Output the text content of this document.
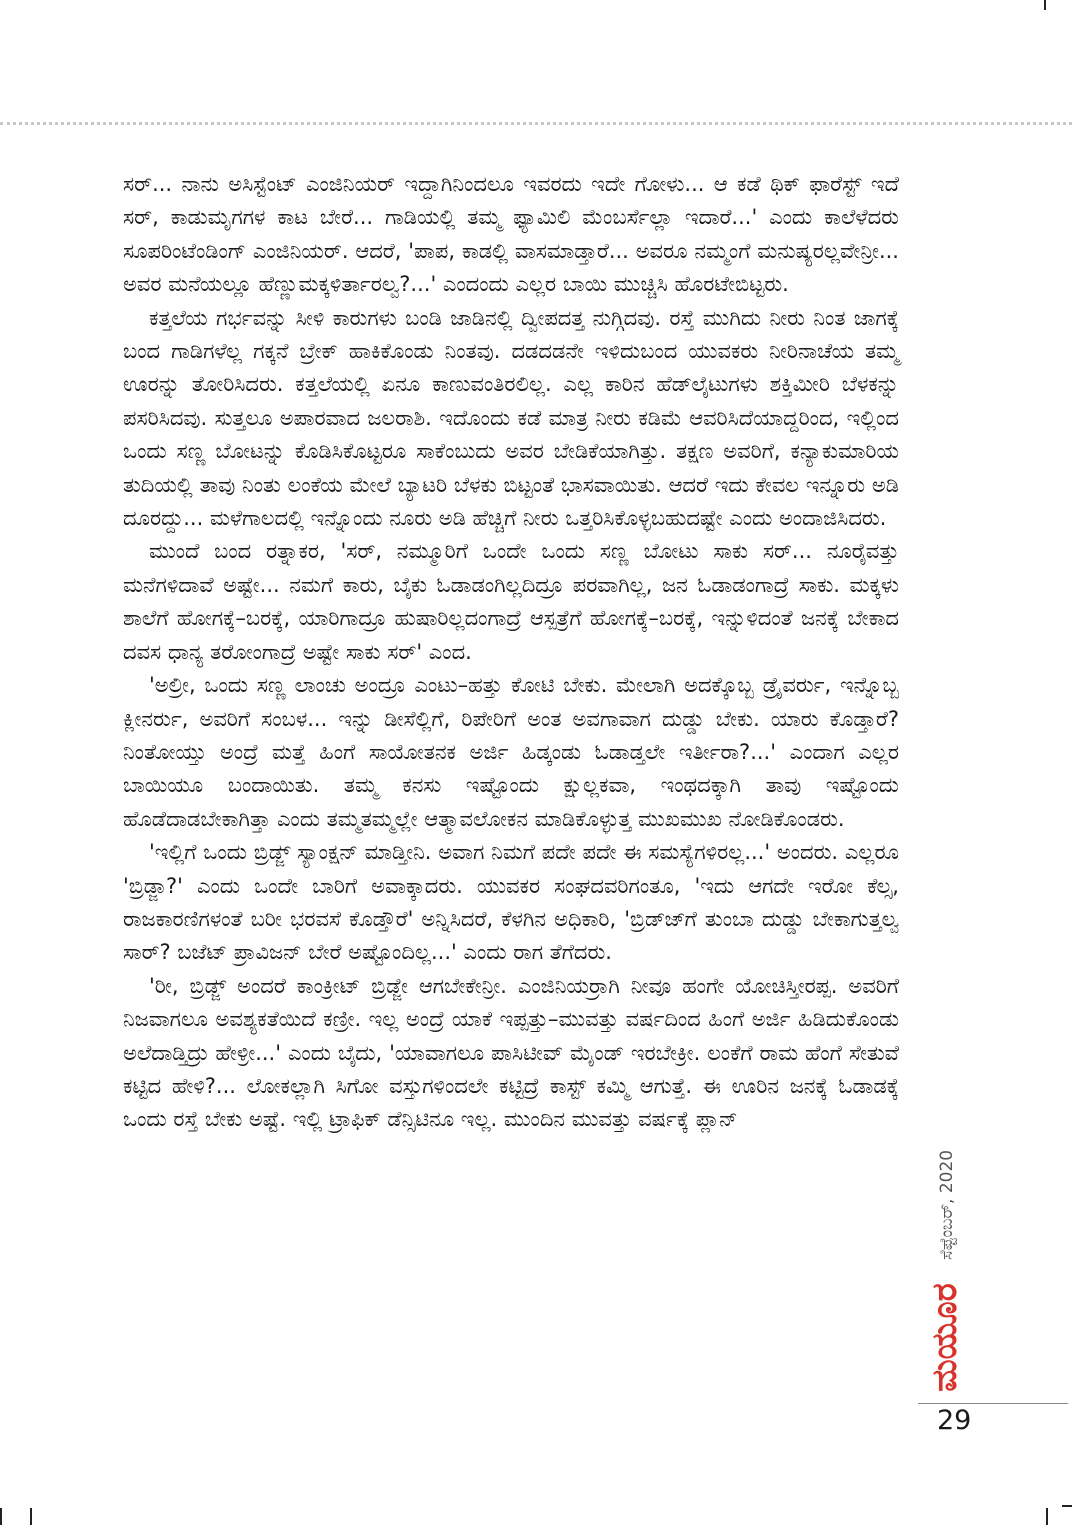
ಸರ್... ನಾನು ಅಸಿಸ್ಟೆಂಟ್ ಎಂಜಿನಿಯರ್ ಇದ್ದಾಗಿನಿಂದಲೂ ಇವರದು ಇದೇ ಗೋಳು... ಆ ಕಡೆ ಥಿಕ್ ಫಾರೆಸ್ಟ್ ಇದೆ ಸರ್, ಕಾಡುಮೃಗಗಳ ಕಾಟ ಬೇರೆ... ಗಾಡಿಯಲ್ಲಿ ತಮ್ಮ ಫ್ಯಾಮಿಲಿ ಮೆಂಬರ್ಸೆಲ್ಲಾ ಇದಾರೆ...' ಎಂದು ಕಾಲೆಳೆದರು ಸೂಪರಿಂಟೆಂಡಿಂಗ್ ಎಂಜಿನಿಯರ್. ಆದರೆ, 'ಪಾಪ, ಕಾಡಲ್ಲಿ ವಾಸಮಾಡ್ತಾರೆ... ಅವರೂ ನಮ್ಮಂಗೆ ಮನುಷ್ಯರಲ್ಲವೇನ್ರೀ... ಅವರ ಮನೆಯಲ್ಲೂ ಹೆಣ್ಣುಮಕ್ಕಳಿರ್ತಾರಲ್ವ?...' ಎಂದಂದು ಎಲ್ಲರ ಬಾಯಿ ಮುಚ್ಚಿಸಿ ಹೊರಟೇಬಿಟ್ಟರು.

ಕತ್ತಲೆಯ ಗರ್ಭವನ್ನು ಸೀಳಿ ಕಾರುಗಳು ಬಂಡಿ ಜಾಡಿನಲ್ಲಿ ದ್ವೀಪದತ್ತ ನುಗ್ಗಿದವು. ರಸ್ತೆ ಮುಗಿದು ನೀರು ನಿಂತ ಜಾಗಕ್ಕೆ ಬಂದ ಗಾಡಿಗಳೆಲ್ಲ ಗಕ್ಕನೆ ಬ್ರೇಕ್ ಹಾಕಿಕೊಂಡು ನಿಂತವು. ದಡದಡನೇ ಇಳಿದುಬಂದ ಯುವಕರು ನೀರಿನಾಚೆಯ ತಮ್ಮ ಊರನ್ನು ತೋರಿಸಿದರು. ಕತ್ತಲೆಯಲ್ಲಿ ಏನೂ ಕಾಣುವಂತಿರಲಿಲ್ಲ. ಎಲ್ಲ ಕಾರಿನ ಹೆಡ್‍ಲೈಟುಗಳು ಶಕ್ತಿಮೀರಿ ಬೆಳಕನ್ನು ಪಸರಿಸಿದವು. ಸುತ್ತಲೂ ಅಪಾರವಾದ ಜಲರಾಶಿ. ಇದೊಂದು ಕಡೆ ಮಾತ್ರ ನೀರು ಕಡಿಮೆ ಆವರಿಸಿದೆಯಾದ್ದರಿಂದ, ಇಲ್ಲಿಂದ ಒಂದು ಸಣ್ಣ ಬೋಟನ್ನು ಕೊಡಿಸಿಕೊಟ್ಟರೂ ಸಾಕೆಂಬುದು ಅವರ ಬೇಡಿಕೆಯಾಗಿತ್ತು. ತಕ್ಷಣ ಅವರಿಗೆ, ಕನ್ಯಾಕುಮಾರಿಯ ತುದಿಯಲ್ಲಿ ತಾವು ನಿಂತು ಲಂಕೆಯ ಮೇಲೆ ಬ್ಯಾಟರಿ ಬೆಳಕು ಬಿಟ್ಟಂತೆ ಭಾಸವಾಯಿತು. ಆದರೆ ಇದು ಕೇವಲ ಇನ್ನೂರು ಅಡಿ ದೂರದ್ದು... ಮಳೆಗಾಲದಲ್ಲಿ ಇನ್ನೊಂದು ನೂರು ಅಡಿ ಹೆಚ್ಚಿಗೆ ನೀರು ಒತ್ತರಿಸಿಕೊಳ್ಳಬಹುದಷ್ಟೇ ಎಂದು ಅಂದಾಜಿಸಿದರು.

ಮುಂದೆ ಬಂದ ರತ್ನಾಕರ, 'ಸರ್, ನಮ್ಮೂರಿಗೆ ಒಂದೇ ಒಂದು ಸಣ್ಣ ಬೋಟು ಸಾಕು ಸರ್... ನೂರೈವತ್ತು ಮನೆಗಳಿದಾವೆ ಅಷ್ಟೇ... ನಮಗೆ ಕಾರು, ಬೈಕು ಓಡಾಡಂಗಿಲ್ಲದಿದ್ರೂ ಪರವಾಗಿಲ್ಲ, ಜನ ಓಡಾಡಂಗಾದ್ರೆ ಸಾಕು. ಮಕ್ಕಳು ಶಾಲೆಗೆ ಹೋಗಕ್ಕೆ–ಬರಕ್ಕೆ, ಯಾರಿಗಾದ್ರೂ ಹುಷಾರಿಲ್ಲದಂಗಾದ್ರೆ ಆಸ್ಪತ್ರೆಗೆ ಹೋಗಕ್ಕೆ–ಬರಕ್ಕೆ, ಇನ್ನುಳಿದಂತೆ ಜನಕ್ಕೆ ಬೇಕಾದ ದವಸ ಧಾನ್ಯ ತರೋಂಗಾದ್ರೆ ಅಷ್ಟೇ ಸಾಕು ಸರ್' ಎಂದ.

'ಅಲ್ರೀ, ಒಂದು ಸಣ್ಣ ಲಾಂಚು ಅಂದ್ರೂ ಎಂಟು–ಹತ್ತು ಕೋಟಿ ಬೇಕು. ಮೇಲಾಗಿ ಅದಕ್ಕೊಬ್ಬ ಡ್ರೈವರ್ರು, ಇನ್ನೊಬ್ಬ ಕ್ಲೀನರ್ರು, ಅವರಿಗೆ ಸಂಬಳ... ಇನ್ನು ಡೀಸೆಲ್ಲಿಗೆ, ರಿಪೇರಿಗೆ ಅಂತ ಅವಗಾವಾಗ ದುಡ್ಡು ಬೇಕು. ಯಾರು ಕೊಡ್ತಾರೆ? ನಿಂತೋಯ್ತು ಅಂದ್ರೆ ಮತ್ತೆ ಹಿಂಗೆ ಸಾಯೋತನಕ ಅರ್ಜಿ ಹಿಡ್ಕಂಡು ಓಡಾಡ್ತಲೇ ಇರ್ತೀರಾ?...' ಎಂದಾಗ ಎಲ್ಲರ ಬಾಯಿಯೂ ಬಂದಾಯಿತು. ತಮ್ಮ ಕನಸು ಇಷ್ಟೊಂದು ಕ್ಷುಲ್ಲಕವಾ, ಇಂಥದಕ್ಕಾಗಿ ತಾವು ಇಷ್ಟೊಂದು ಹೊಡೆದಾಡಬೇಕಾಗಿತ್ತಾ ಎಂದು ತಮ್ಮತಮ್ಮಲ್ಲೇ ಆತ್ಮಾವಲೋಕನ ಮಾಡಿಕೊಳ್ಳುತ್ತ ಮುಖಮುಖ ನೋಡಿಕೊಂಡರು.

'ಇಲ್ಲಿಗೆ ಒಂದು ಬ್ರಿಡ್ಜ್ ಸ್ಯಾಂಕ್ಷನ್ ಮಾಡ್ತೀನಿ. ಅವಾಗ ನಿಮಗೆ ಪದೇ ಪದೇ ಈ ಸಮಸ್ಯೆಗಳಿರಲ್ಲ...' ಅಂದರು. ಎಲ್ಲರೂ 'ಬ್ರಿಡ್ಜಾ?' ಎಂದು ಒಂದೇ ಬಾರಿಗೆ ಅವಾಕ್ಕಾದರು. ಯುವಕರ ಸಂಘದವರಿಗಂತೂ, 'ಇದು ಆಗದೇ ಇರೋ ಕೆಲ್ಸ, ರಾಜಕಾರಣಿಗಳಂತೆ ಬರೀ ಭರವಸೆ ಕೊಡ್ತೌರೆ' ಅನ್ನಿಸಿದರೆ, ಕೆಳಗಿನ ಅಧಿಕಾರಿ, 'ಬ್ರಿಡ್ಜ್‍ಗೆ ತುಂಬಾ ದುಡ್ಡು ಬೇಕಾಗುತ್ತಲ್ವ ಸಾರ್? ಬಜೆಟ್ ಪ್ರಾವಿಜನ್ ಬೇರೆ ಅಷ್ಟೊಂದಿಲ್ಲ...' ಎಂದು ರಾಗ ತೆಗೆದರು.

'ರೀ, ಬ್ರಿಡ್ಜ್ ಅಂದರೆ ಕಾಂಕ್ರೀಟ್ ಬ್ರಿಡ್ಜೇ ಆಗಬೇಕೇನ್ರೀ. ಎಂಜಿನಿಯರ್ರಾಗಿ ನೀವೂ ಹಂಗೇ ಯೋಚಿಸ್ತೀರಪ್ಪ. ಅವರಿಗೆ ನಿಜವಾಗಲೂ ಅವಶ್ಯಕತೆಯಿದೆ ಕಣ್ರೀ. ಇಲ್ಲ ಅಂದ್ರೆ ಯಾಕೆ ಇಪ್ಪತ್ತು–ಮುವತ್ತು ವರ್ಷದಿಂದ ಹಿಂಗೆ ಅರ್ಜಿ ಹಿಡಿದುಕೊಂಡು ಅಲೆದಾಡ್ತಿದ್ರು ಹೇಳ್ರೀ...' ಎಂದು ಬೈದು, 'ಯಾವಾಗಲೂ ಪಾಸಿಟೀವ್ ಮೈಂಡ್ ಇರಬೇಕ್ರೀ. ಲಂಕೆಗೆ ರಾಮ ಹೆಂಗೆ ಸೇತುವೆ ಕಟ್ಟಿದ ಹೇಳಿ?... ಲೋಕಲ್ಲಾಗಿ ಸಿಗೋ ವಸ್ತುಗಳಿಂದಲೇ ಕಟ್ಟಿದ್ರೆ ಕಾಸ್ಟ್ ಕಮ್ಮಿ ಆಗುತ್ತೆ. ಈ ಊರಿನ ಜನಕ್ಕೆ ಓಡಾಡಕ್ಕೆ ಒಂದು ರಸ್ತೆ ಬೇಕು ಅಷ್ಟೆ. ಇಲ್ಲಿ ಟ್ರಾಫಿಕ್ ಡೆನ್ಸಿಟಿನೂ ಇಲ್ಲ. ಮುಂದಿನ ಮುವತ್ತು ವರ್ಷಕ್ಕೆ ಪ್ಲಾನ್

ಸೆಪ್ಟೆಂಬರ್, 2020
ಮಯೂರ
29
